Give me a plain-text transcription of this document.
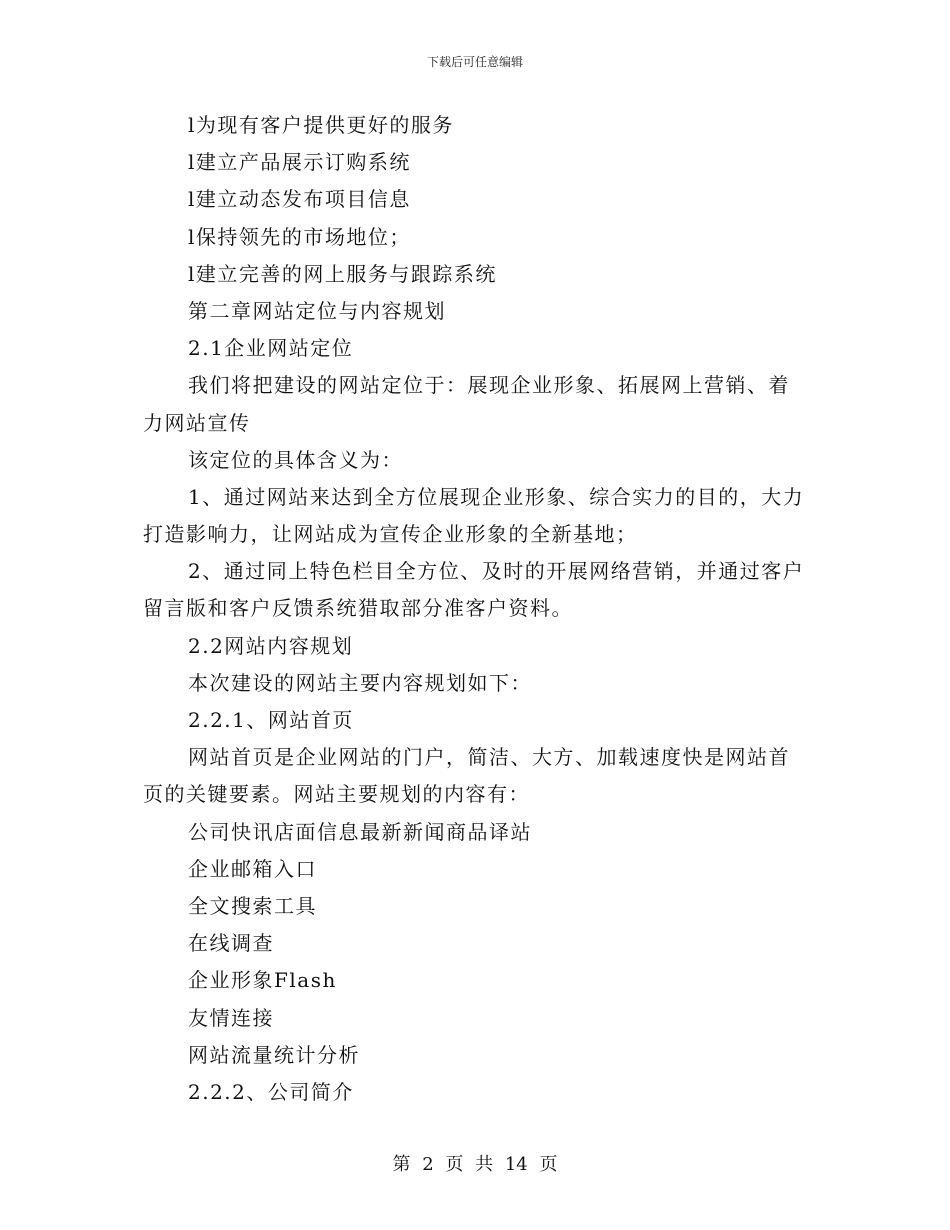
下载后可任意编辑
l为现有客户提供更好的服务
l建立产品展示订购系统
l建立动态发布项目信息
l保持领先的市场地位；
l建立完善的网上服务与跟踪系统
第二章网站定位与内容规划
2.1企业网站定位
我们将把建设的网站定位于：展现企业形象、拓展网上营销、着
力网站宣传
该定位的具体含义为：
1、通过网站来达到全方位展现企业形象、综合实力的目的，大力
打造影响力，让网站成为宣传企业形象的全新基地；
2、通过同上特色栏目全方位、及时的开展网络营销，并通过客户
留言版和客户反馈系统猎取部分准客户资料。
2.2网站内容规划
本次建设的网站主要内容规划如下：
2.2.1、网站首页
网站首页是企业网站的门户，简洁、大方、加载速度快是网站首
页的关键要素。网站主要规划的内容有：
公司快讯店面信息最新新闻商品译站
企业邮箱入口
全文搜索工具
在线调查
企业形象Flash
友情连接
网站流量统计分析
2.2.2、公司简介
第 2 页 共 14 页
